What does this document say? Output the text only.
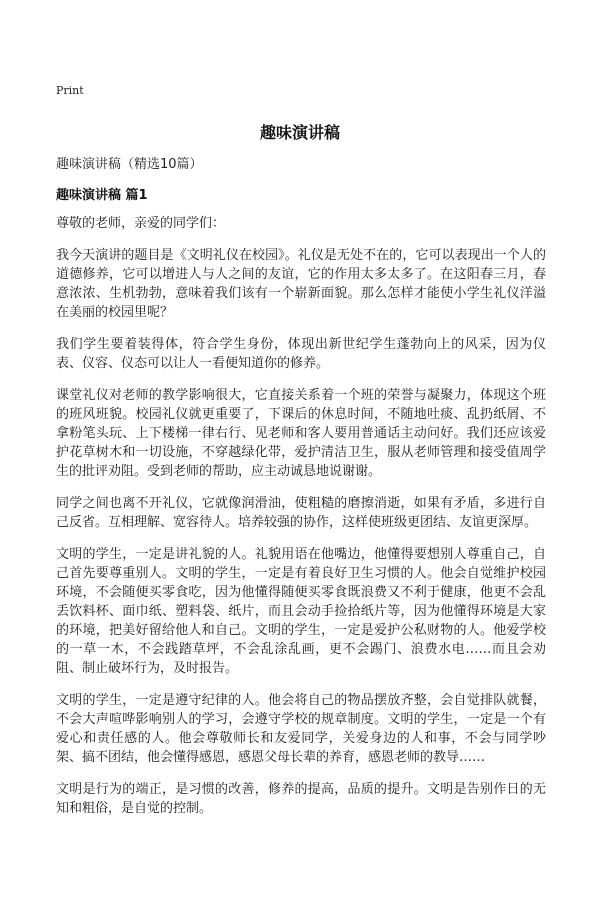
Print
趣味演讲稿
趣味演讲稿（精选10篇）
趣味演讲稿 篇1

尊敬的老师，亲爱的同学们：

我今天演讲的题目是《文明礼仪在校园》。礼仪是无处不在的，它可以表现出一个人的道德修养，它可以增进人与人之间的友谊，它的作用太多太多了。在这阳春三月，春意浓浓、生机勃勃，意味着我们该有一个崭新面貌。那么怎样才能使小学生礼仪洋溢在美丽的校园里呢？

我们学生要着装得体，符合学生身份，体现出新世纪学生蓬勃向上的风采，因为仪表、仪容、仪态可以让人一看便知道你的修养。

课堂礼仪对老师的教学影响很大，它直接关系着一个班的荣誉与凝聚力，体现这个班的班风班貌。校园礼仪就更重要了，下课后的休息时间，不随地吐痰、乱扔纸屑、不拿粉笔头玩、上下楼梯一律右行、见老师和客人要用普通话主动问好。我们还应该爱护花草树木和一切设施，不穿越绿化带，爱护清洁卫生，服从老师管理和接受值周学生的批评劝阻。受到老师的帮助，应主动诚恳地说谢谢。

同学之间也离不开礼仪，它就像润滑油，使粗糙的磨擦消逝，如果有矛盾，多进行自己反省。互相理解、宽容待人。培养较强的协作，这样使班级更团结、友谊更深厚。

文明的学生，一定是讲礼貌的人。礼貌用语在他嘴边，他懂得要想别人尊重自己，自己首先要尊重别人。文明的学生，一定是有着良好卫生习惯的人。他会自觉维护校园环境，不会随便买零食吃，因为他懂得随便买零食既浪费又不利于健康，他更不会乱丢饮料杯、面巾纸、塑料袋、纸片，而且会动手捡拾纸片等，因为他懂得环境是大家的环境，把美好留给他人和自己。文明的学生，一定是爱护公私财物的人。他爱学校的一草一木，不会践踏草坪，不会乱涂乱画，更不会踢门、浪费水电……而且会劝阻、制止破坏行为，及时报告。

文明的学生，一定是遵守纪律的人。他会将自己的物品摆放齐整，会自觉排队就餐，不会大声喧哗影响别人的学习，会遵守学校的规章制度。文明的学生，一定是一个有爱心和责任感的人。他会尊敬师长和友爱同学，关爱身边的人和事，不会与同学吵架、搞不团结，他会懂得感恩，感恩父母长辈的养育，感恩老师的教导……

文明是行为的端正，是习惯的改善，修养的提高，品质的提升。文明是告别作日的无知和粗俗，是自觉的控制。
